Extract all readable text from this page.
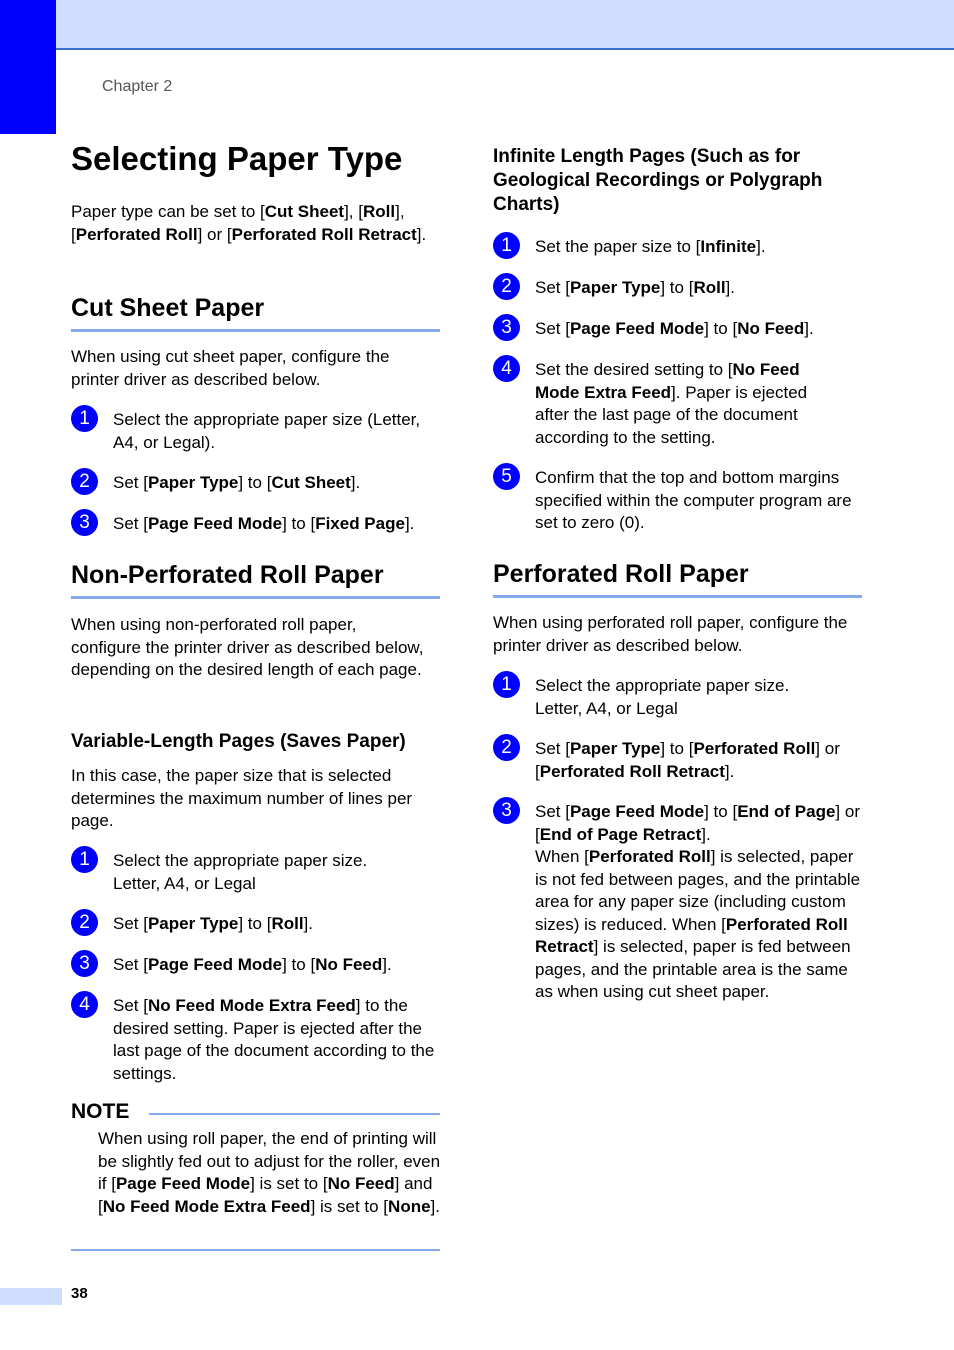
Chapter 2
Selecting Paper Type

Paper type can be set to [Cut Sheet], [Roll], [Perforated Roll] or [Perforated Roll Retract].

Cut Sheet Paper

When using cut sheet paper, configure the printer driver as described below.

1	Select the appropriate paper size (Letter, A4, or Legal).
2	Set [Paper Type] to [Cut Sheet].
3	Set [Page Feed Mode] to [Fixed Page].
Non-Perforated Roll Paper

When using non-perforated roll paper, configure the printer driver as described below, depending on the desired length of each page.

Variable-Length Pages (Saves Paper)

In this case, the paper size that is selected determines the maximum number of lines per page.

1	Select the appropriate paper size. Letter, A4, or Legal
2	Set [Paper Type] to [Roll].
3	Set [Page Feed Mode] to [No Feed].
4	Set [No Feed Mode Extra Feed] to the desired setting. Paper is ejected after the last page of the document according to the settings.
NOTE

When using roll paper, the end of printing will be slightly fed out to adjust for the roller, even if [Page Feed Mode] is set to [No Feed] and [No Feed Mode Extra Feed] is set to [None].

Infinite Length Pages (Such as for Geological Recordings or Polygraph Charts)
1	Set the paper size to [Infinite].
2	Set [Paper Type] to [Roll].
3	Set [Page Feed Mode] to [No Feed].
4	Set the desired setting to [No Feed Mode Extra Feed]. Paper is ejected after the last page of the document according to the setting.
5	Confirm that the top and bottom margins specified within the computer program are set to zero (0).
Perforated Roll Paper

When using perforated roll paper, configure the printer driver as described below.

1	Select the appropriate paper size. Letter, A4, or Legal
2	Set [Paper Type] to [Perforated Roll] or [Perforated Roll Retract].
3	Set [Page Feed Mode] to [End of Page] or [End of Page Retract].
When [Perforated Roll] is selected, paper is not fed between pages, and the printable area for any paper size (including custom sizes) is reduced. When [Perforated Roll Retract] is selected, paper is fed between pages, and the printable area is the same as when using cut sheet paper.
38
